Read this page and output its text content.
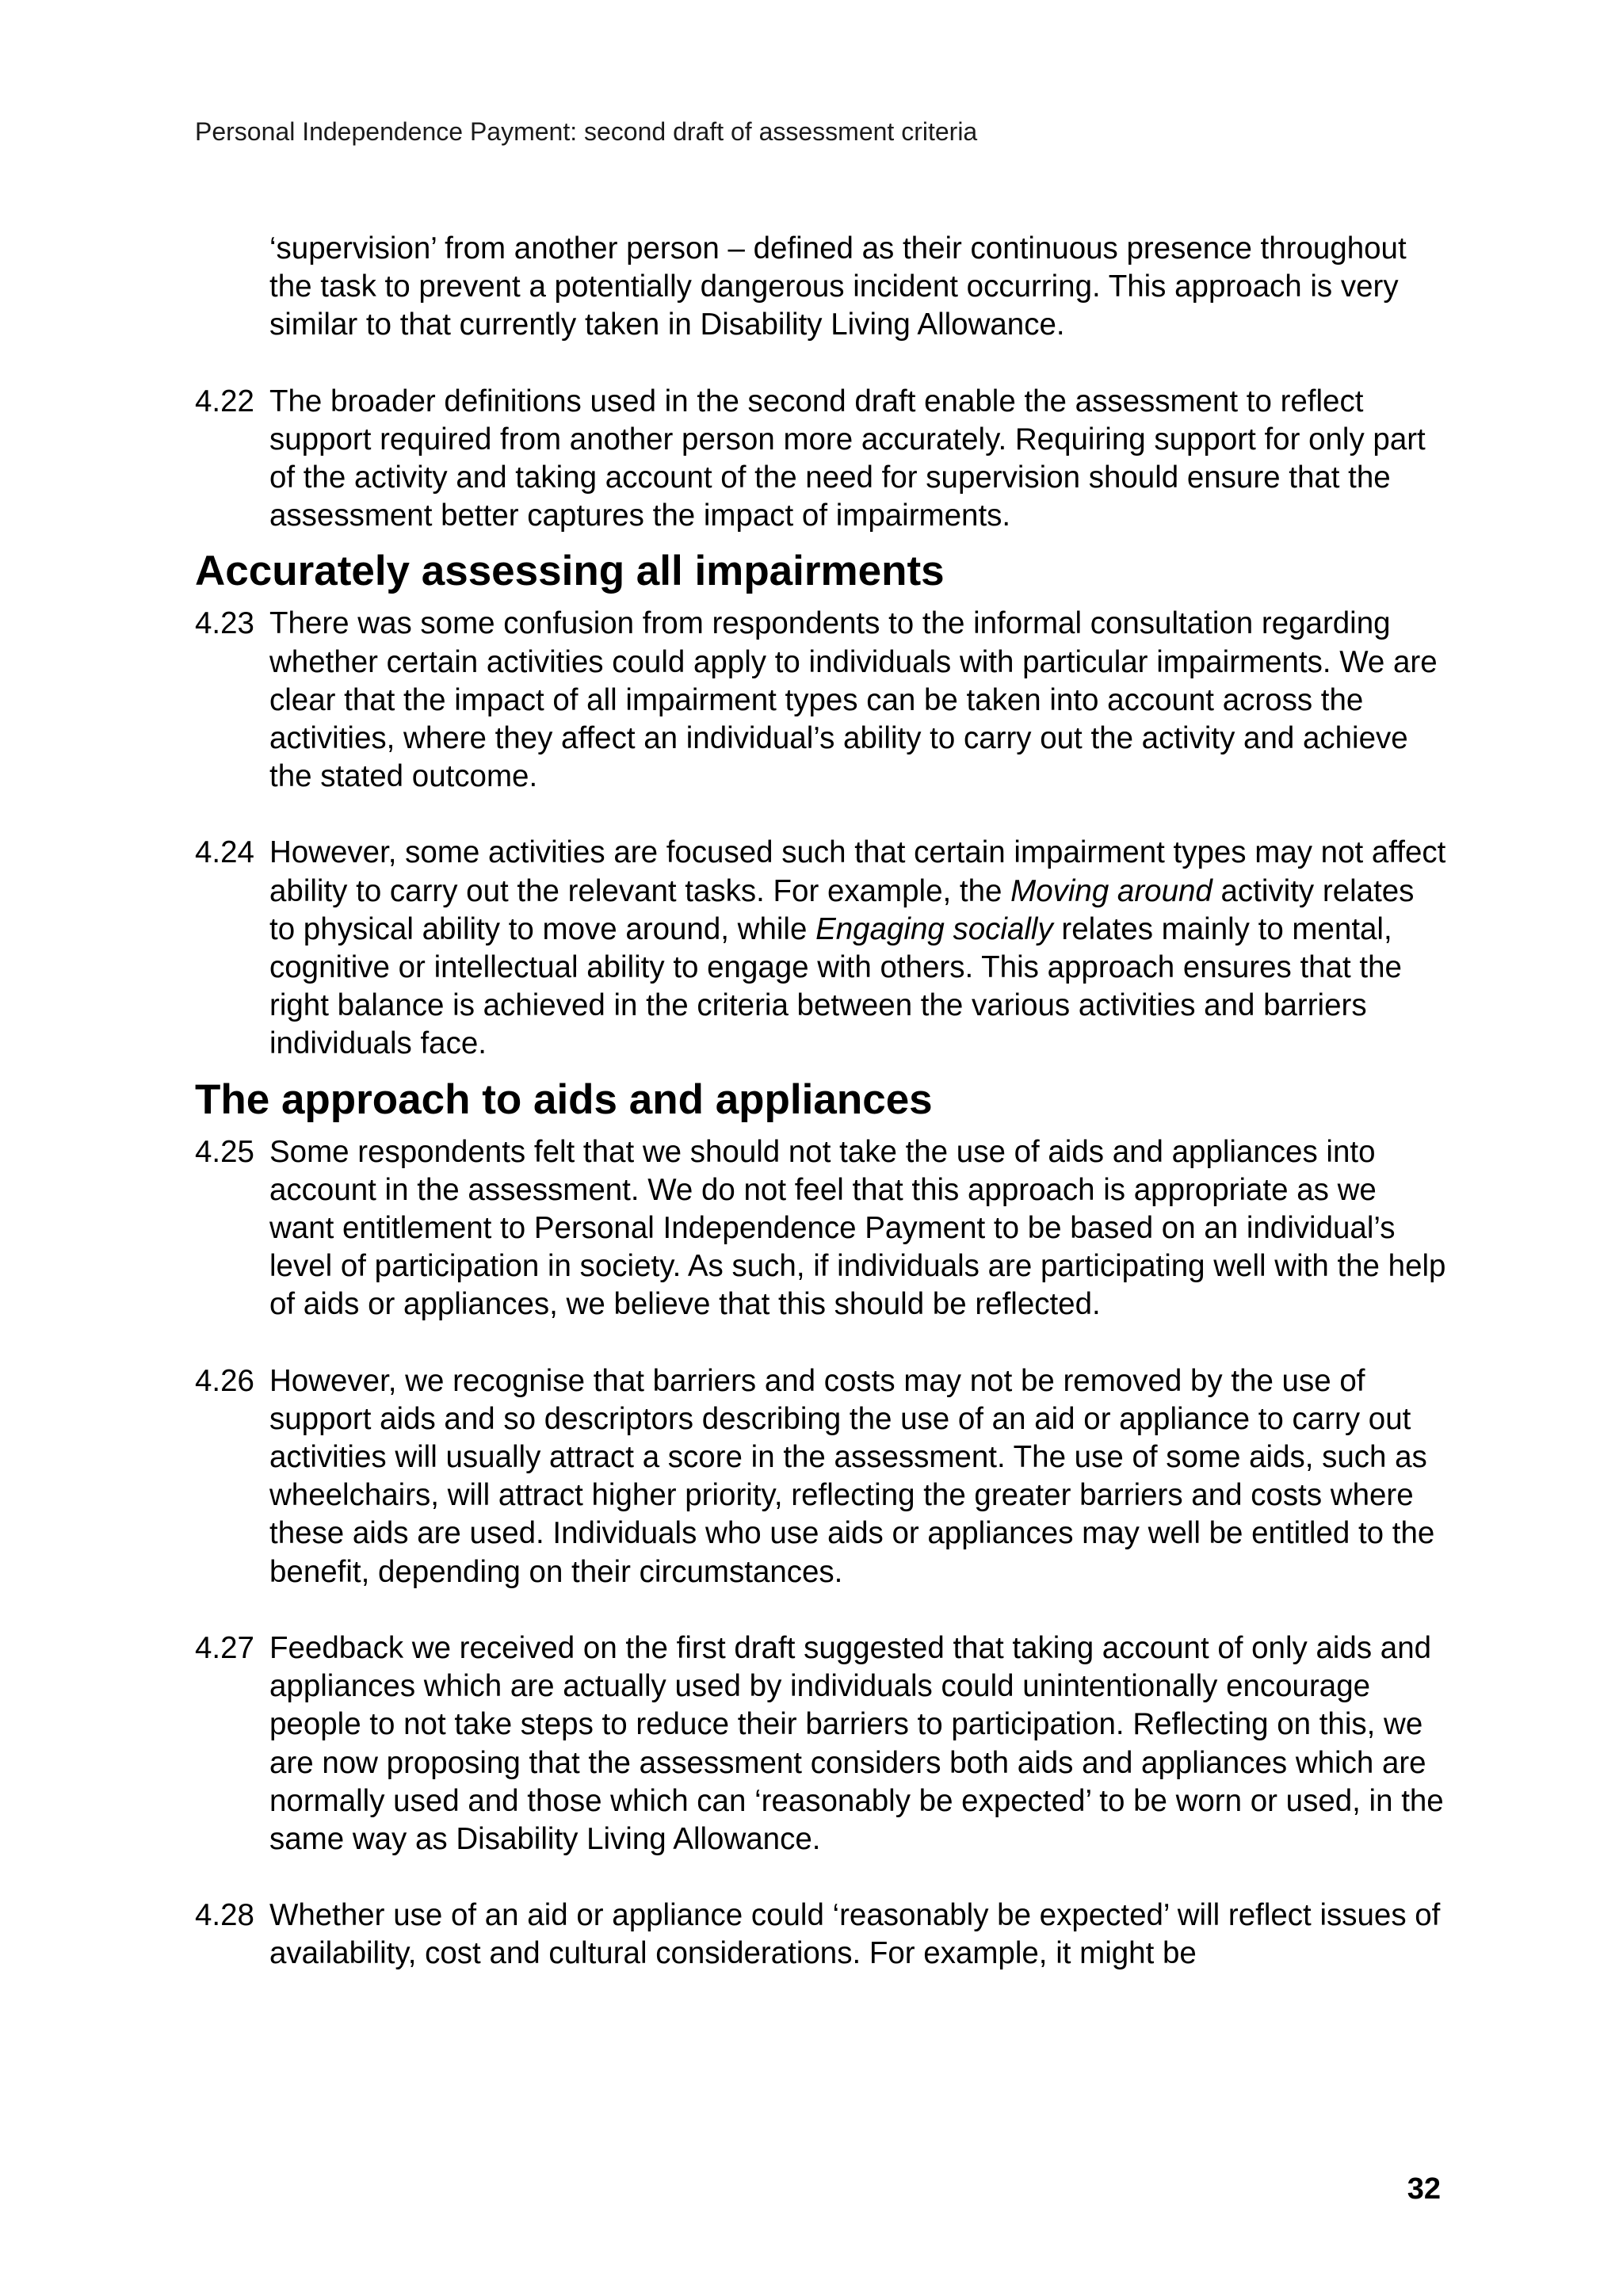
Personal Independence Payment: second draft of assessment criteria
‘supervision’ from another person – defined as their continuous presence throughout the task to prevent a potentially dangerous incident occurring. This approach is very similar to that currently taken in Disability Living Allowance.
4.22 The broader definitions used in the second draft enable the assessment to reflect support required from another person more accurately. Requiring support for only part of the activity and taking account of the need for supervision should ensure that the assessment better captures the impact of impairments.
Accurately assessing all impairments
4.23 There was some confusion from respondents to the informal consultation regarding whether certain activities could apply to individuals with particular impairments. We are clear that the impact of all impairment types can be taken into account across the activities, where they affect an individual’s ability to carry out the activity and achieve the stated outcome.
4.24 However, some activities are focused such that certain impairment types may not affect ability to carry out the relevant tasks. For example, the Moving around activity relates to physical ability to move around, while Engaging socially relates mainly to mental, cognitive or intellectual ability to engage with others. This approach ensures that the right balance is achieved in the criteria between the various activities and barriers individuals face.
The approach to aids and appliances
4.25 Some respondents felt that we should not take the use of aids and appliances into account in the assessment. We do not feel that this approach is appropriate as we want entitlement to Personal Independence Payment to be based on an individual’s level of participation in society. As such, if individuals are participating well with the help of aids or appliances, we believe that this should be reflected.
4.26 However, we recognise that barriers and costs may not be removed by the use of support aids and so descriptors describing the use of an aid or appliance to carry out activities will usually attract a score in the assessment. The use of some aids, such as wheelchairs, will attract higher priority, reflecting the greater barriers and costs where these aids are used. Individuals who use aids or appliances may well be entitled to the benefit, depending on their circumstances.
4.27 Feedback we received on the first draft suggested that taking account of only aids and appliances which are actually used by individuals could unintentionally encourage people to not take steps to reduce their barriers to participation. Reflecting on this, we are now proposing that the assessment considers both aids and appliances which are normally used and those which can ‘reasonably be expected’ to be worn or used, in the same way as Disability Living Allowance.
4.28 Whether use of an aid or appliance could ‘reasonably be expected’ will reflect issues of availability, cost and cultural considerations. For example, it might be
32
